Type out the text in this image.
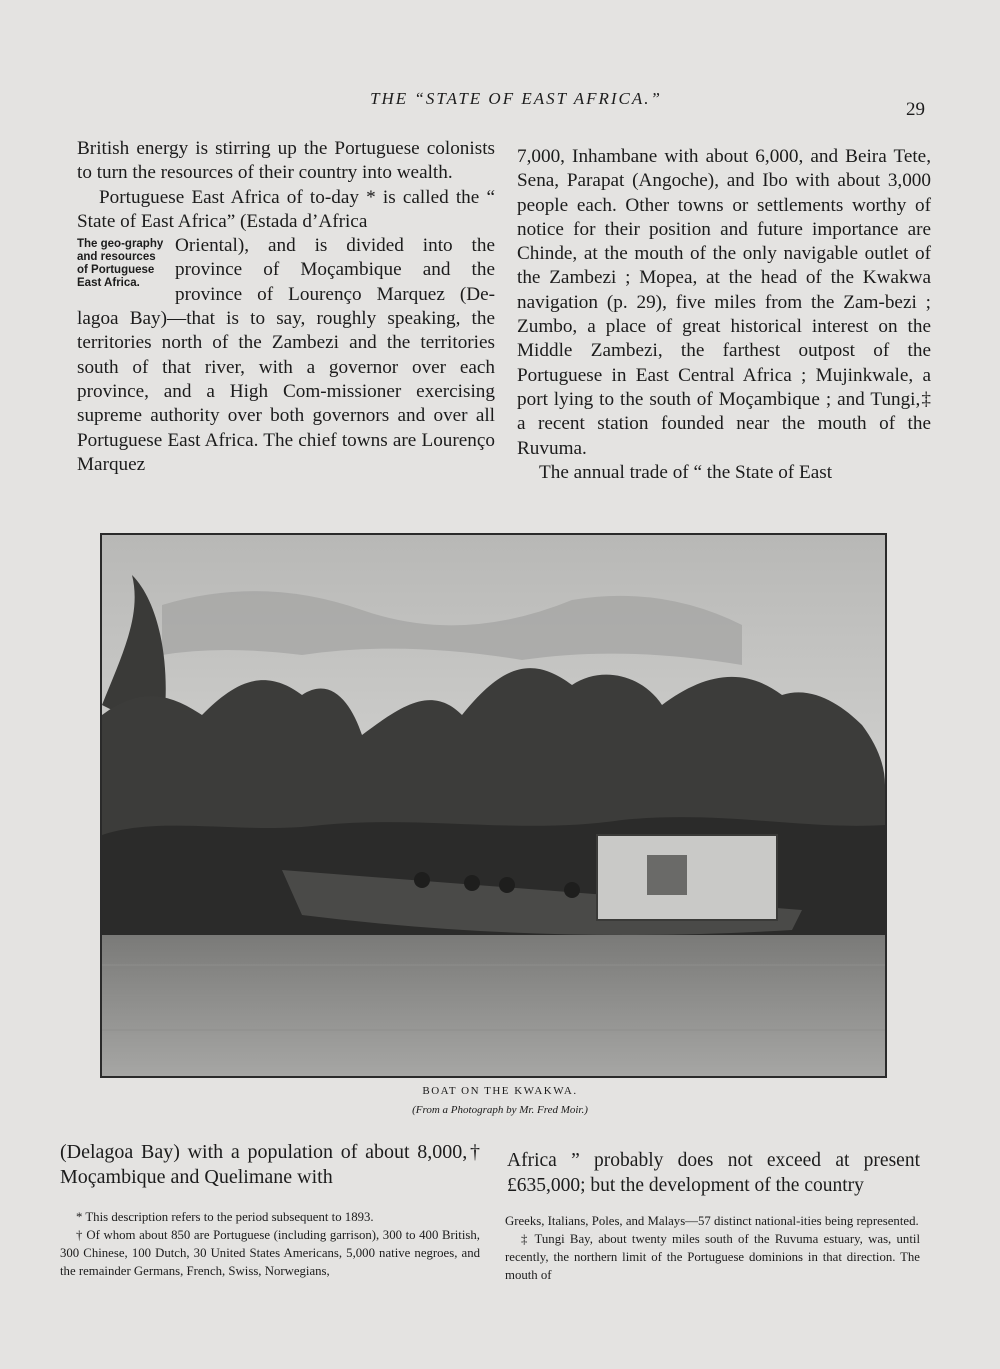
THE “STATE OF EAST AFRICA.”
29

British energy is stirring up the Portuguese colonists to turn the resources of their country into wealth.

Portuguese East Africa of to-day * is called the “ State of East Africa” (Estada d’Africa

The geo-graphy and resources of Portuguese East Africa.

Oriental), and is divided into the province of Moçambique and the province of Lourenço Marquez (De-lagoa Bay)—that is to say, roughly speaking, the territories north of the Zambezi and the territories south of that river, with a governor over each province, and a High Com-missioner exercising supreme authority over both governors and over all Portuguese East Africa. The chief towns are Lourenço Marquez

7,000, Inhambane with about 6,000, and Beira Tete, Sena, Parapat (Angoche), and Ibo with about 3,000 people each. Other towns or settlements worthy of notice for their position and future importance are Chinde, at the mouth of the only navigable outlet of the Zambezi ; Mopea, at the head of the Kwakwa navigation (p. 29), five miles from the Zam-bezi ; Zumbo, a place of great historical interest on the Middle Zambezi, the farthest outpost of the Portuguese in East Central Africa ; Mujinkwale, a port lying to the south of Moçambique ; and Tungi,‡ a recent station founded near the mouth of the Ruvuma.

The annual trade of “ the State of East

BOAT ON THE KWAKWA.
(From a Photograph by Mr. Fred Moir.)
(Delagoa Bay) with a population of about 8,000,† Moçambique and Quelimane with
Africa ” probably does not exceed at present £635,000; but the development of the country

* This description refers to the period subsequent to 1893.

† Of whom about 850 are Portuguese (including garrison), 300 to 400 British, 300 Chinese, 100 Dutch, 30 United States Americans, 5,000 native negroes, and the remainder Germans, French, Swiss, Norwegians,

Greeks, Italians, Poles, and Malays—57 distinct national-ities being represented.

‡ Tungi Bay, about twenty miles south of the Ruvuma estuary, was, until recently, the northern limit of the Portuguese dominions in that direction. The mouth of
